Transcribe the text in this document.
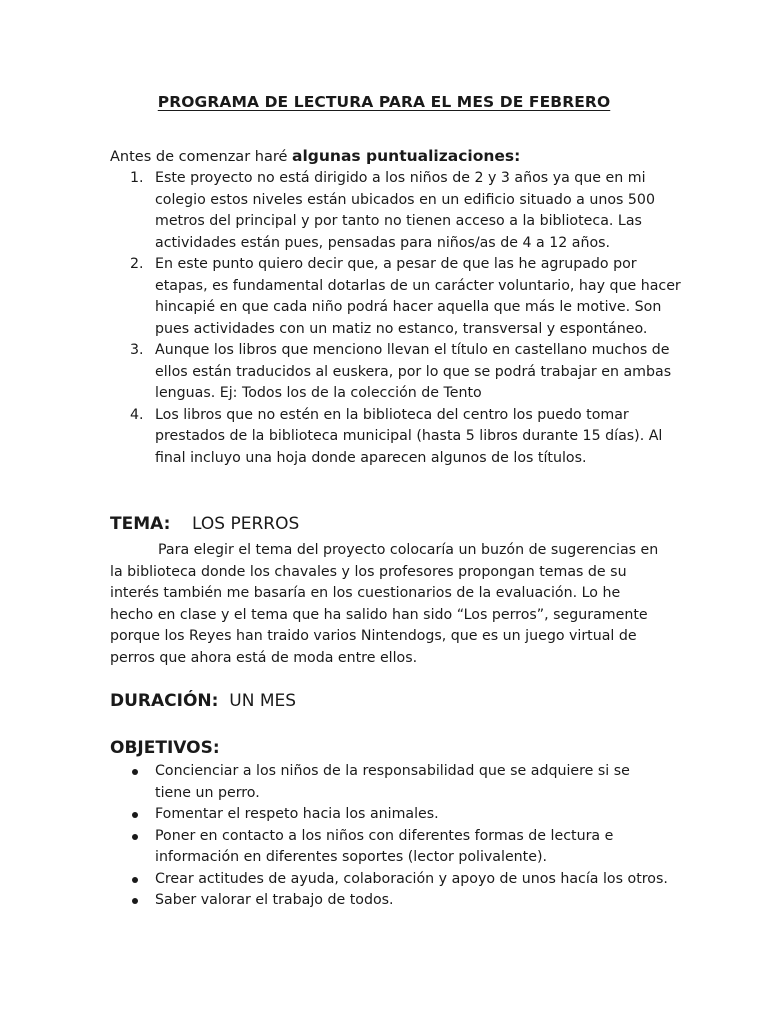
PROGRAMA DE LECTURA PARA EL MES DE FEBRERO
Antes de comenzar haré algunas puntualizaciones:
1. Este proyecto no está dirigido a los niños de 2 y 3 años ya que en mi colegio estos niveles están ubicados en un edificio situado a unos 500 metros del principal y por tanto no tienen acceso a la biblioteca. Las actividades están pues, pensadas para niños/as de 4 a 12 años.
2. En este punto quiero decir que, a pesar de que las he agrupado por etapas, es fundamental dotarlas de un carácter voluntario, hay que hacer hincapié en que cada niño podrá hacer aquella que más le motive. Son pues actividades con un matiz no estanco, transversal y espontáneo.
3. Aunque los libros que menciono llevan el título en castellano muchos de ellos están traducidos al euskera, por lo que se podrá trabajar en ambas lenguas. Ej: Todos los de la colección de Tento
4. Los libros que no estén en la biblioteca del centro los puedo tomar prestados de la biblioteca municipal (hasta 5 libros durante 15 días). Al final incluyo una hoja donde aparecen algunos de los títulos.
TEMA: LOS PERROS

Para elegir el tema del proyecto colocaría un buzón de sugerencias en la biblioteca donde los chavales y los profesores propongan temas de su interés también me basaría en los cuestionarios de la evaluación. Lo he hecho en clase y el tema que ha salido han sido “Los perros”, seguramente porque los Reyes han traido varios Nintendogs, que es un juego virtual de perros que ahora está de moda entre ellos.

DURACIÓN: UN MES
OBJETIVOS:
Concienciar a los niños de la responsabilidad que se adquiere si se tiene un perro.
Fomentar el respeto hacia los animales.
Poner en contacto a los niños con diferentes formas de lectura e información en diferentes soportes (lector polivalente).
Crear actitudes de ayuda, colaboración y apoyo de unos hacía los otros.
Saber valorar el trabajo de todos.
